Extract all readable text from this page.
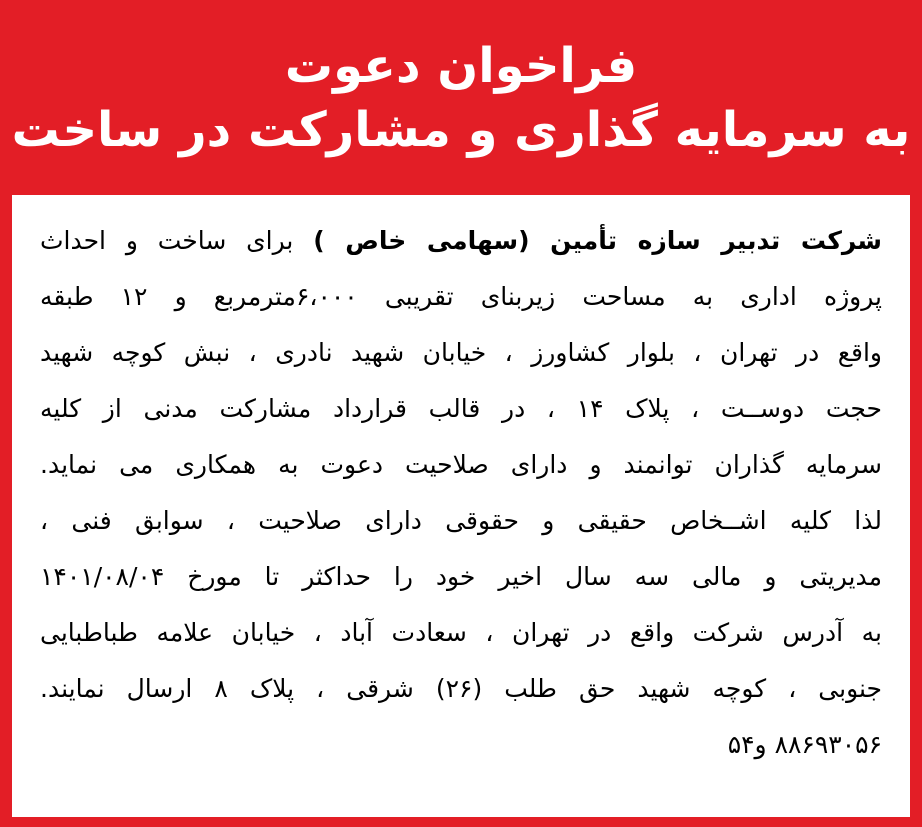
فراخوان دعوت
به سرمایه گذاری و مشارکت در ساخت
شرکت تدبیر سازه تأمین (سهامی خاص ) برای ساخت و احداث
پروژه اداری به مساحت زیربنای تقریبی ۶،۰۰۰مترمربع و ۱۲ طبقه
واقع در تهران ، بلوار کشاورز ، خیابان شهید نادری ، نبش کوچه شهید
حجت دوســت ، پلاک ۱۴ ، در قالب قرارداد مشارکت مدنی از کلیه
سرمایه گذاران توانمند و دارای صلاحیت دعوت به همکاری می نماید.
لذا کلیه اشــخاص حقیقی و حقوقی دارای صلاحیت ، سوابق فنی ،
مدیریتی و مالی سه سال اخیر خود را حداکثر تا مورخ ۱۴۰۱/۰۸/۰۴
به آدرس شرکت واقع در تهران ، سعادت آباد ، خیابان علامه طباطبایی
جنوبی ، کوچه شهید حق طلب (۲۶) شرقی ، پلاک ۸ ارسال نمایند.
۸۸۶۹۳۰۵۶ و۵۴
